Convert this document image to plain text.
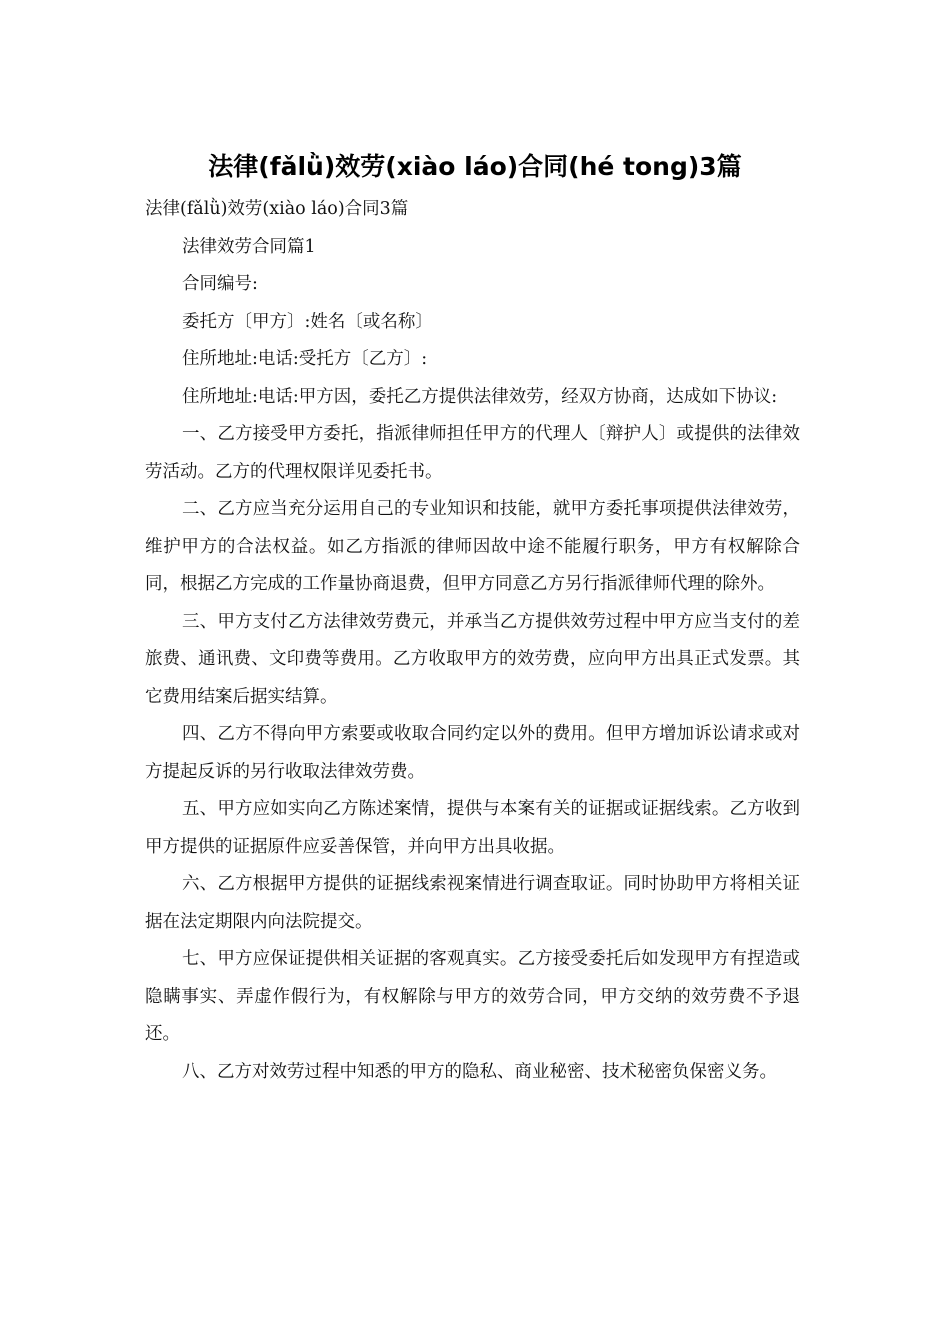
法律(fǎlǜ)效劳(xiào láo)合同(hé tong)3篇

法律(fǎlǜ)效劳(xiào láo)合同3篇

法律效劳合同篇1

合同编号:

委托方〔甲方〕:姓名〔或名称〕

住所地址:电话:受托方〔乙方〕:

住所地址:电话:甲方因，委托乙方提供法律效劳，经双方协商，达成如下协议:

一、乙方接受甲方委托，指派律师担任甲方的代理人〔辩护人〕或提供的法律效劳活动。乙方的代理权限详见委托书。

二、乙方应当充分运用自己的专业知识和技能，就甲方委托事项提供法律效劳，维护甲方的合法权益。如乙方指派的律师因故中途不能履行职务，甲方有权解除合同，根据乙方完成的工作量协商退费，但甲方同意乙方另行指派律师代理的除外。

三、甲方支付乙方法律效劳费元，并承当乙方提供效劳过程中甲方应当支付的差旅费、通讯费、文印费等费用。乙方收取甲方的效劳费，应向甲方出具正式发票。其它费用结案后据实结算。

四、乙方不得向甲方索要或收取合同约定以外的费用。但甲方增加诉讼请求或对方提起反诉的另行收取法律效劳费。

五、甲方应如实向乙方陈述案情，提供与本案有关的证据或证据线索。乙方收到甲方提供的证据原件应妥善保管，并向甲方出具收据。

六、乙方根据甲方提供的证据线索视案情进行调查取证。同时协助甲方将相关证据在法定期限内向法院提交。

七、甲方应保证提供相关证据的客观真实。乙方接受委托后如发现甲方有捏造或隐瞒事实、弄虚作假行为，有权解除与甲方的效劳合同，甲方交纳的效劳费不予退还。

八、乙方对效劳过程中知悉的甲方的隐私、商业秘密、技术秘密负保密义务。
